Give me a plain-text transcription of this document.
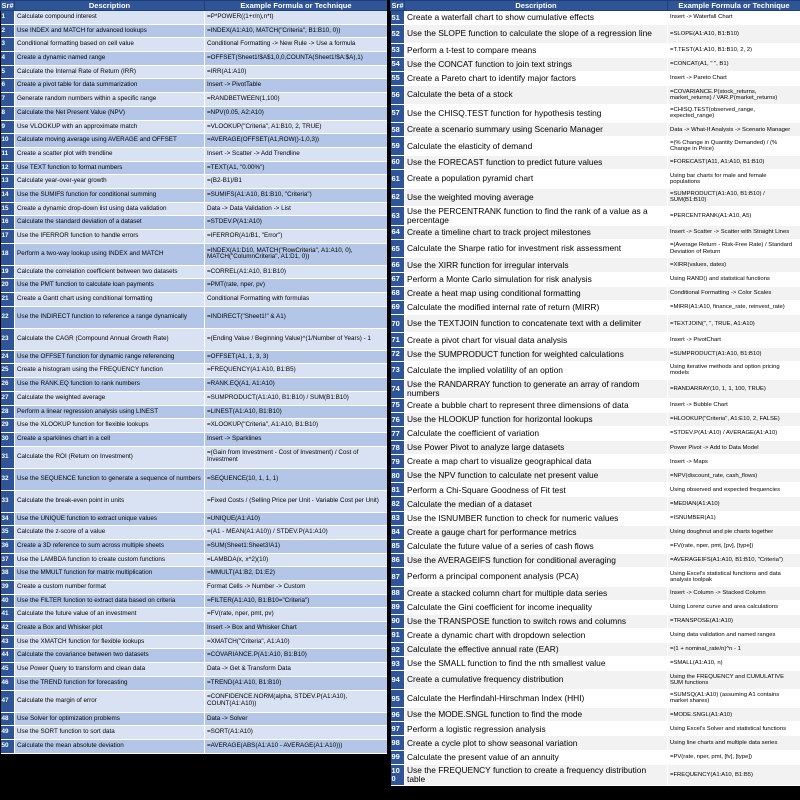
Sr#	Description	Example Formula or Technique
1	Calculate compound interest	=P*POWER((1+r/n),n*t)
2	Use INDEX and MATCH for advanced lookups	=INDEX(A1:A10, MATCH("Criteria", B1:B10, 0))
3	Conditional formatting based on cell value	Conditional Formatting -> New Rule -> Use a formula
4	Create a dynamic named range	=OFFSET(Sheet1!$A$1,0,0,COUNTA(Sheet1!$A:$A),1)
5	Calculate the Internal Rate of Return (IRR)	=IRR(A1:A10)
6	Create a pivot table for data summarization	Insert -> PivotTable
7	Generate random numbers within a specific range	=RANDBETWEEN(1,100)
8	Calculate the Net Present Value (NPV)	=NPV(0.05, A2:A10)
9	Use VLOOKUP with an approximate match	=VLOOKUP("Criteria", A1:B10, 2, TRUE)
10	Calculate moving average using AVERAGE and OFFSET	=AVERAGE(OFFSET(A1,ROW()-1,0,3))
11	Create a scatter plot with trendline	Insert -> Scatter -> Add Trendline
12	Use TEXT function to format numbers	=TEXT(A1, "0.00%")
13	Calculate year-over-year growth	=(B2-B1)/B1
14	Use the SUMIFS function for conditional summing	=SUMIFS(A1:A10, B1:B10, "Criteria")
15	Create a dynamic drop-down list using data validation	Data -> Data Validation -> List
16	Calculate the standard deviation of a dataset	=STDEV.P(A1:A10)
17	Use the IFERROR function to handle errors	=IFERROR(A1/B1, "Error")
18	Perform a two-way lookup using INDEX and MATCH	=INDEX(A1:D10, MATCH("RowCriteria", A1:A10, 0), MATCH("ColumnCriteria", A1:D1, 0))
19	Calculate the correlation coefficient between two datasets	=CORREL(A1:A10, B1:B10)
20	Use the PMT function to calculate loan payments	=PMT(rate, nper, pv)
21	Create a Gantt chart using conditional formatting	Conditional Formatting with formulas
22	Use the INDIRECT function to reference a range dynamically	=INDIRECT("Sheet1!" & A1)
23	Calculate the CAGR (Compound Annual Growth Rate)	=(Ending Value / Beginning Value)^(1/Number of Years) - 1
24	Use the OFFSET function for dynamic range referencing	=OFFSET(A1, 1, 3, 3)
25	Create a histogram using the FREQUENCY function	=FREQUENCY(A1:A10, B1:B5)
26	Use the RANK.EQ function to rank numbers	=RANK.EQ(A1, A1:A10)
27	Calculate the weighted average	=SUMPRODUCT(A1:A10, B1:B10) / SUM(B1:B10)
28	Perform a linear regression analysis using LINEST	=LINEST(A1:A10, B1:B10)
29	Use the XLOOKUP function for flexible lookups	=XLOOKUP("Criteria", A1:A10, B1:B10)
30	Create a sparklines chart in a cell	Insert -> Sparklines
31	Calculate the ROI (Return on Investment)	=(Gain from Investment - Cost of Investment) / Cost of Investment
32	Use the SEQUENCE function to generate a sequence of numbers	=SEQUENCE(10, 1, 1, 1)
33	Calculate the break-even point in units	=Fixed Costs / (Selling Price per Unit - Variable Cost per Unit)
34	Use the UNIQUE function to extract unique values	=UNIQUE(A1:A10)
35	Calculate the z-score of a value	=(A1 - MEAN(A1:A10)) / STDEV.P(A1:A10)
36	Create a 3D reference to sum across multiple sheets	=SUM(Sheet1:Sheet3!A1)
37	Use the LAMBDA function to create custom functions	=LAMBDA(x, x^2)(10)
38	Use the MMULT function for matrix multiplication	=MMULT(A1:B2, D1:E2)
39	Create a custom number format	Format Cells -> Number -> Custom
40	Use the FILTER function to extract data based on criteria	=FILTER(A1:A10, B1:B10="Criteria")
41	Calculate the future value of an investment	=FV(rate, nper, pmt, pv)
42	Create a Box and Whisker plot	Insert -> Box and Whisker Chart
43	Use the XMATCH function for flexible lookups	=XMATCH("Criteria", A1:A10)
44	Calculate the covariance between two datasets	=COVARIANCE.P(A1:A10, B1:B10)
45	Use Power Query to transform and clean data	Data -> Get & Transform Data
46	Use the TREND function for forecasting	=TREND(A1:A10, B1:B10)
47	Calculate the margin of error	=CONFIDENCE.NORM(alpha, STDEV.P(A1:A10), COUNT(A1:A10))
48	Use Solver for optimization problems	Data -> Solver
49	Use the SORT function to sort data	=SORT(A1:A10)
50	Calculate the mean absolute deviation	=AVERAGE(ABS(A1:A10 - AVERAGE(A1:A10)))
Sr#	Description	Example Formula or Technique
51	Create a waterfall chart to show cumulative effects	Insert -> Waterfall Chart
52	Use the SLOPE function to calculate the slope of a regression line	=SLOPE(A1:A10, B1:B10)
53	Perform a t-test to compare means	=T.TEST(A1:A10, B1:B10, 2, 2)
54	Use the CONCAT function to join text strings	=CONCAT(A1, " ", B1)
55	Create a Pareto chart to identify major factors	Insert -> Pareto Chart
56	Calculate the beta of a stock	=COVARIANCE.P(stock_returns, market_returns) / VAR.P(market_returns)
57	Use the CHISQ.TEST function for hypothesis testing	=CHISQ.TEST(observed_range, expected_range)
58	Create a scenario summary using Scenario Manager	Data -> What-If Analysis -> Scenario Manager
59	Calculate the elasticity of demand	=(% Change in Quantity Demanded) / (% Change in Price)
60	Use the FORECAST function to predict future values	=FORECAST(A11, A1:A10, B1:B10)
61	Create a population pyramid chart	Using bar charts for male and female populations
62	Use the weighted moving average	=SUMPRODUCT(A1:A10, B1:B10) / SUM(B1:B10)
63	Use the PERCENTRANK function to find the rank of a value as a percentage	=PERCENTRANK(A1:A10, A5)
64	Create a timeline chart to track project milestones	Insert -> Scatter -> Scatter with Straight Lines
65	Calculate the Sharpe ratio for investment risk assessment	=(Average Return - Risk-Free Rate) / Standard Deviation of Return
66	Use the XIRR function for irregular intervals	=XIRR(values, dates)
67	Perform a Monte Carlo simulation for risk analysis	Using RAND() and statistical functions
68	Create a heat map using conditional formatting	Conditional Formatting -> Color Scales
69	Calculate the modified internal rate of return (MIRR)	=MIRR(A1:A10, finance_rate, reinvest_rate)
70	Use the TEXTJOIN function to concatenate text with a delimiter	=TEXTJOIN(", ", TRUE, A1:A10)
71	Create a pivot chart for visual data analysis	Insert -> PivotChart
72	Use the SUMPRODUCT function for weighted calculations	=SUMPRODUCT(A1:A10, B1:B10)
73	Calculate the implied volatility of an option	Using iterative methods and option pricing models
74	Use the RANDARRAY function to generate an array of random numbers	=RANDARRAY(10, 1, 1, 100, TRUE)
75	Create a bubble chart to represent three dimensions of data	Insert -> Bubble Chart
76	Use the HLOOKUP function for horizontal lookups	=HLOOKUP("Criteria", A1:E10, 2, FALSE)
77	Calculate the coefficient of variation	=STDEV.P(A1:A10) / AVERAGE(A1:A10)
78	Use Power Pivot to analyze large datasets	Power Pivot -> Add to Data Model
79	Create a map chart to visualize geographical data	Insert -> Maps
80	Use the NPV function to calculate net present value	=NPV(discount_rate, cash_flows)
81	Perform a Chi-Square Goodness of Fit test	Using observed and expected frequencies
82	Calculate the median of a dataset	=MEDIAN(A1:A10)
83	Use the ISNUMBER function to check for numeric values	=ISNUMBER(A1)
84	Create a gauge chart for performance metrics	Using doughnut and pie charts together
85	Calculate the future value of a series of cash flows	=FV(rate, nper, pmt, [pv], [type])
86	Use the AVERAGEIFS function for conditional averaging	=AVERAGEIFS(A1:A10, B1:B10, "Criteria")
87	Perform a principal component analysis (PCA)	Using Excel's statistical functions and data analysis toolpak
88	Create a stacked column chart for multiple data series	Insert -> Column -> Stacked Column
89	Calculate the Gini coefficient for income inequality	Using Lorenz curve and area calculations
90	Use the TRANSPOSE function to switch rows and columns	=TRANSPOSE(A1:A10)
91	Create a dynamic chart with dropdown selection	Using data validation and named ranges
92	Calculate the effective annual rate (EAR)	=(1 + nominal_rate/n)^n - 1
93	Use the SMALL function to find the nth smallest value	=SMALL(A1:A10, n)
94	Create a cumulative frequency distribution	Using the FREQUENCY and CUMULATIVE SUM functions
95	Calculate the Herfindahl-Hirschman Index (HHI)	=SUMSQ(A1:A10) (assuming A1 contains market shares)
96	Use the MODE.SNGL function to find the mode	=MODE.SNGL(A1:A10)
97	Perform a logistic regression analysis	Using Excel's Solver and statistical functions
98	Create a cycle plot to show seasonal variation	Using line charts and multiple data series
99	Calculate the present value of an annuity	=PV(rate, nper, pmt, [fv], [type])
100	Use the FREQUENCY function to create a frequency distribution table	=FREQUENCY(A1:A10, B1:B5)
